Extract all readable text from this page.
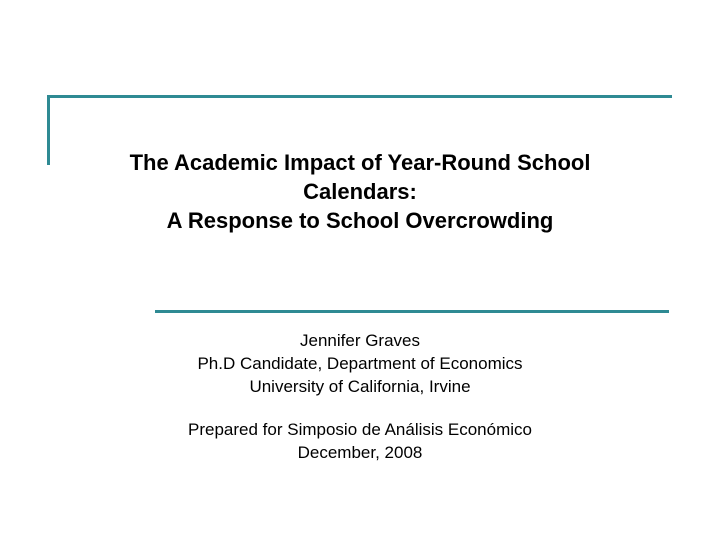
The Academic Impact of Year-Round School
Calendars:
A Response to School Overcrowding
Jennifer Graves
Ph.D Candidate, Department of Economics
University of California, Irvine
Prepared for Simposio de Análisis Económico
December, 2008
